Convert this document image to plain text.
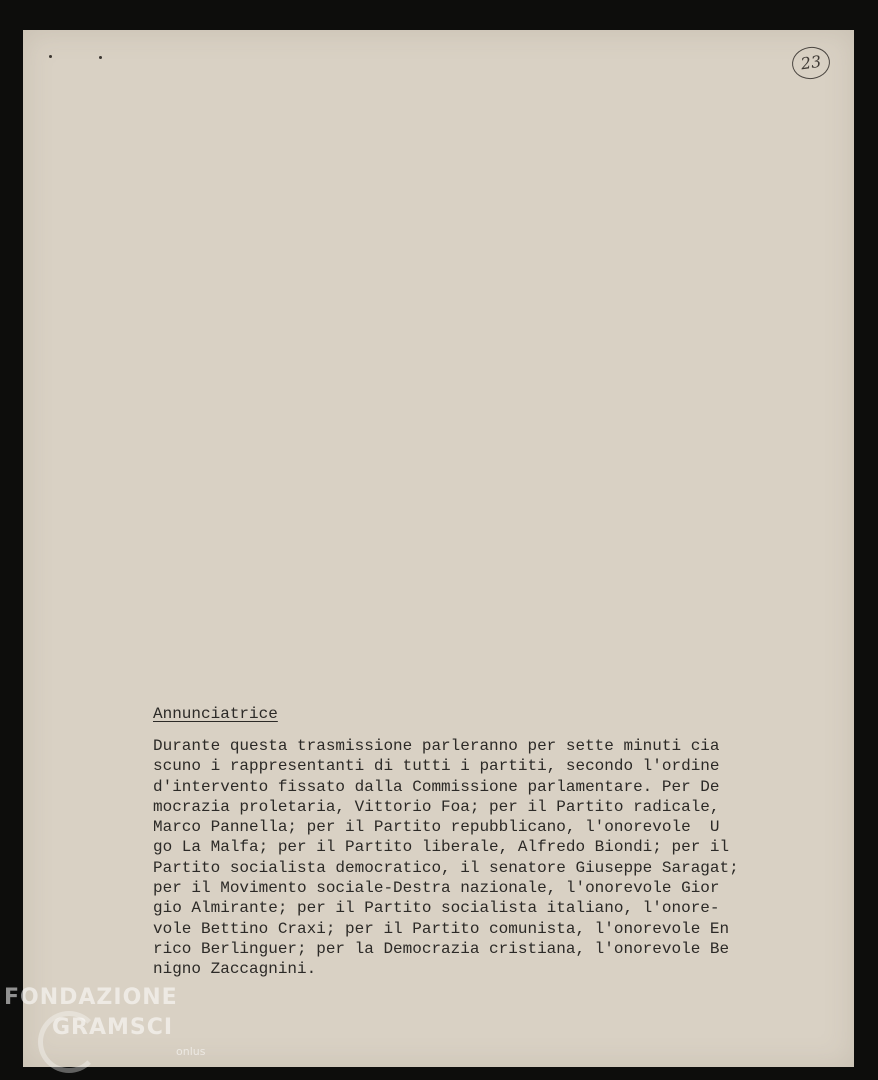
23
Annunciatrice
Durante questa trasmissione parleranno per sette minuti cia
scuno i rappresentanti di tutti i partiti, secondo l'ordine
d'intervento fissato dalla Commissione parlamentare. Per De
mocrazia proletaria, Vittorio Foa; per il Partito radicale,
Marco Pannella; per il Partito repubblicano, l'onorevole  U
go La Malfa; per il Partito liberale, Alfredo Biondi; per il
Partito socialista democratico, il senatore Giuseppe Saragat;
per il Movimento sociale-Destra nazionale, l'onorevole Gior
gio Almirante; per il Partito socialista italiano, l'onore-
vole Bettino Craxi; per il Partito comunista, l'onorevole En
rico Berlinguer; per la Democrazia cristiana, l'onorevole Be
nigno Zaccagnini.
FONDAZIONE
GRAMSCI
onlus
